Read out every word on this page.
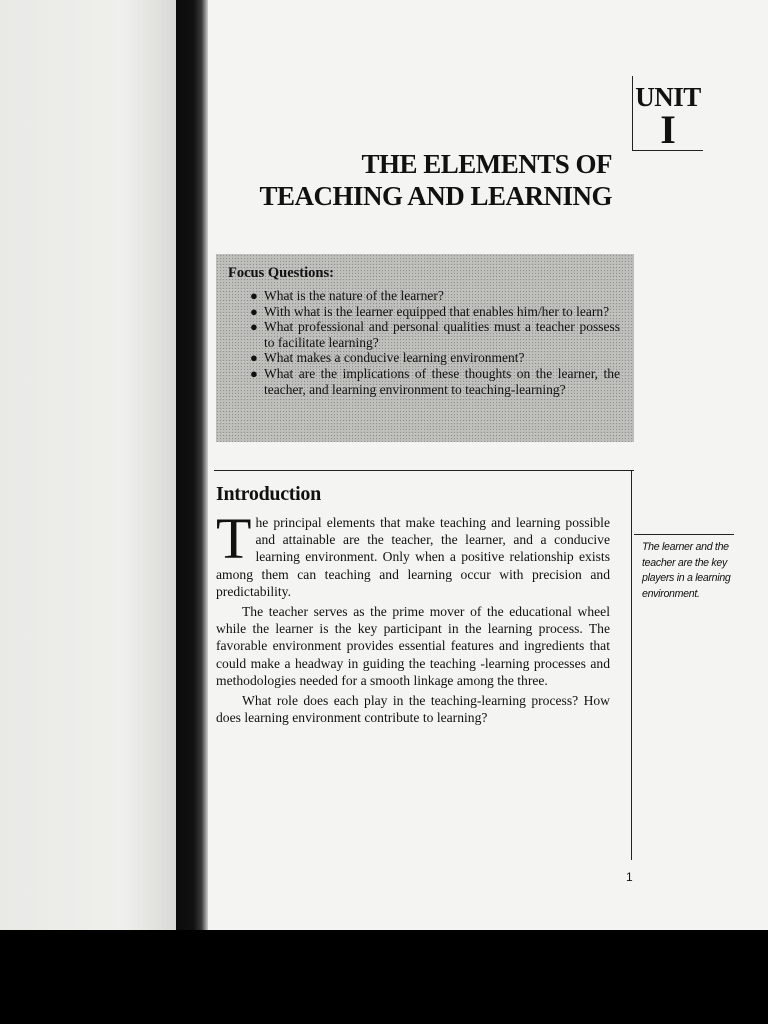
UNIT
I
THE ELEMENTS OF
TEACHING AND LEARNING

Focus Questions:

● What is the nature of the learner?
● With what is the learner equipped that enables him/her to learn?
● What professional and personal qualities must a teacher possess to facilitate learning?
● What makes a conducive learning environment?
● What are the implications of these thoughts on the learner, the teacher, and learning environment to teaching-learning?
Introduction

The principal elements that make teaching and learning possible and attainable are the teacher, the learner, and a conducive learning environment. Only when a positive relationship exists among them can teaching and learning occur with precision and predictability.

The teacher serves as the prime mover of the educational wheel while the learner is the key participant in the learning process. The favorable environment provides essential features and ingredients that could make a headway in guiding the teaching -learning processes and methodologies needed for a smooth linkage among the three.

What role does each play in the teaching-learning process? How does learning environment contribute to learning?

The learner and the teacher are the key players in a learning environment.
1
